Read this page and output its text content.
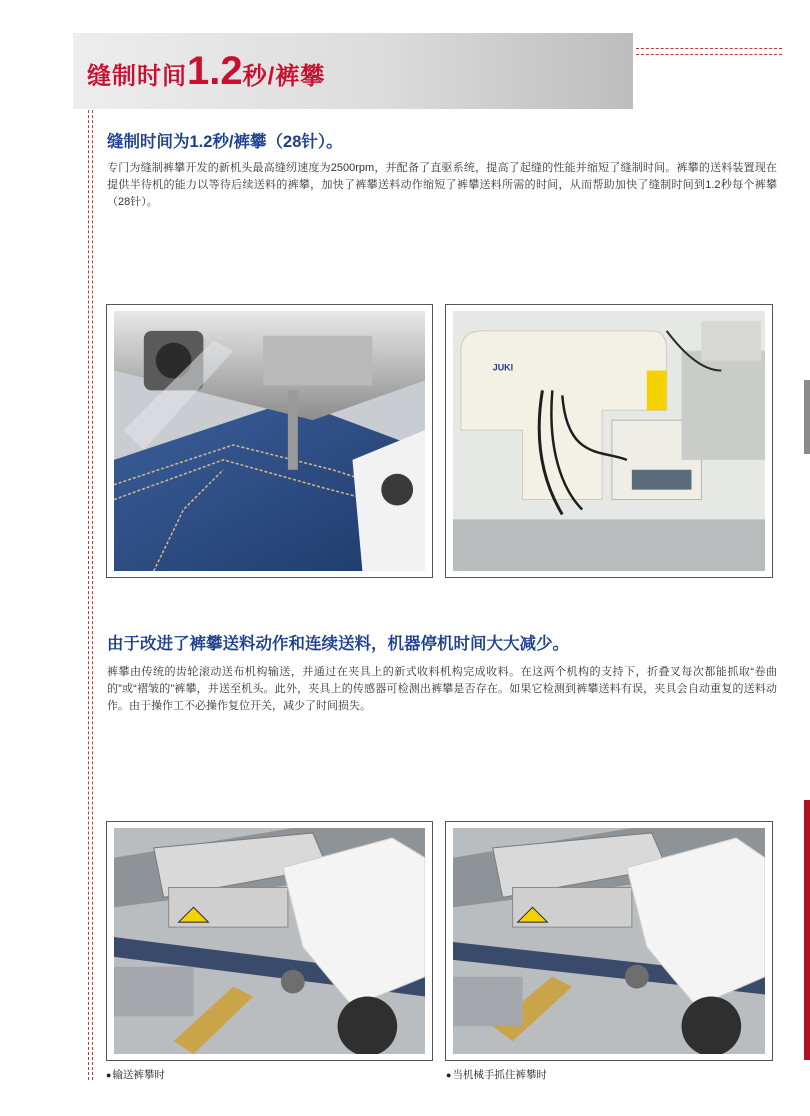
缝制时间1.2秒/裤攀
缝制时间为1.2秒/裤攀（28针）。

专门为缝制裤攀开发的新机头最高缝纫速度为2500rpm，并配备了直驱系统，提高了起缝的性能并缩短了缝制时间。裤攀的送料装置现在提供半待机的能力以等待后续送料的裤攀，加快了裤攀送料动作缩短了裤攀送料所需的时间，从而帮助加快了缝制时间到1.2秒每个裤攀（28针）。

JUKI
由于改进了裤攀送料动作和连续送料，机器停机时间大大减少。

裤攀由传统的齿轮滚动送布机构输送，并通过在夹具上的新式收料机构完成收料。在这两个机构的支持下，折叠叉每次都能抓取“卷曲的”或“褶皱的”裤攀，并送至机头。此外，夹具上的传感器可检测出裤攀是否存在。如果它检测到裤攀送料有误，夹具会自动重复的送料动作。由于操作工不必操作复位开关，减少了时间损失。

●输送裤攀时	●当机械手抓住裤攀时
